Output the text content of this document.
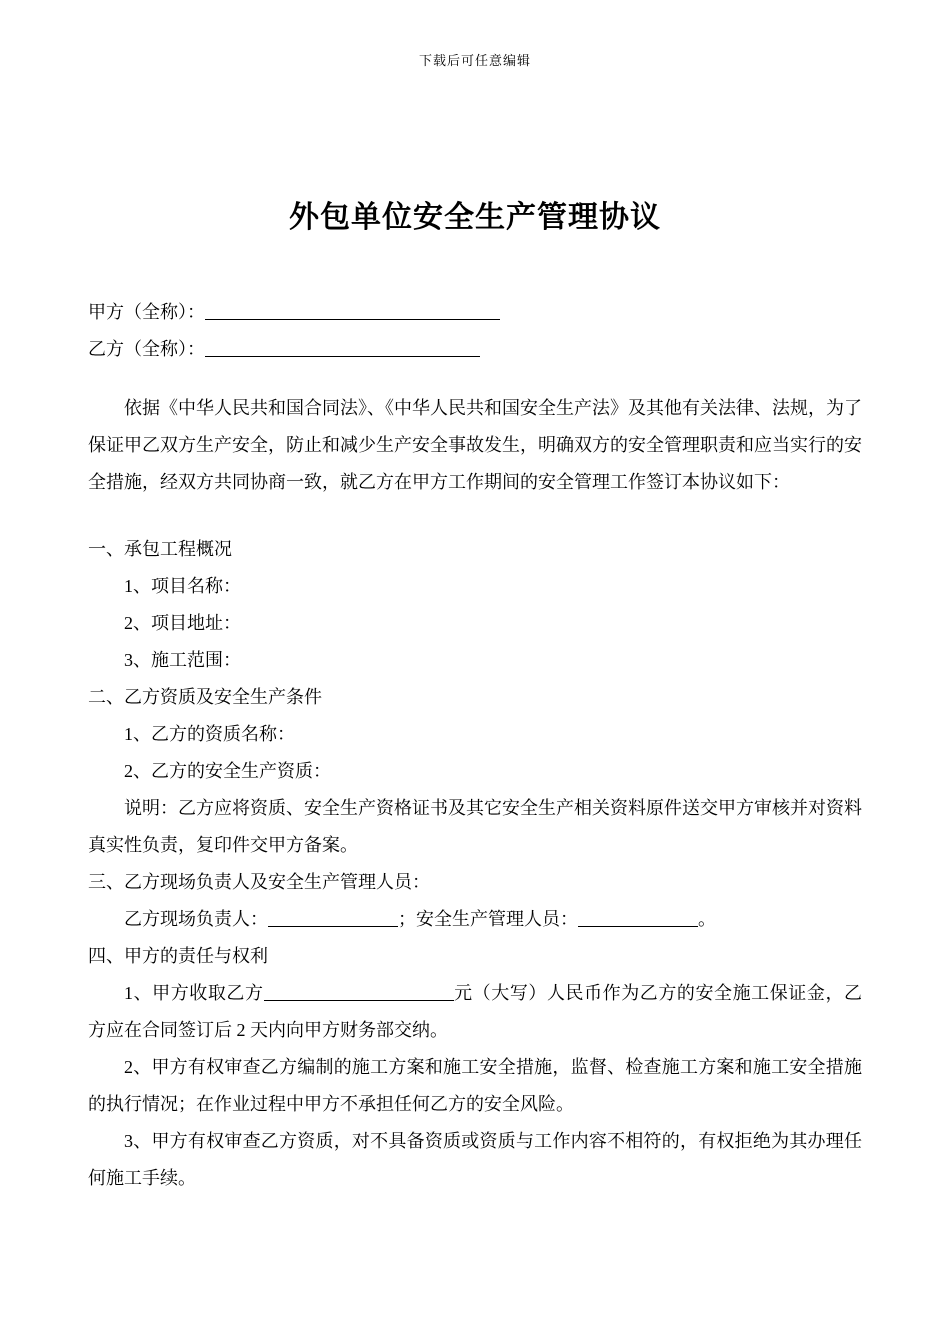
下载后可任意编辑
外包单位安全生产管理协议

甲方（全称）：

乙方（全称）：

依据《中华人民共和国合同法》、《中华人民共和国安全生产法》及其他有关法律、法规，为了保证甲乙双方生产安全，防止和减少生产安全事故发生，明确双方的安全管理职责和应当实行的安全措施，经双方共同协商一致，就乙方在甲方工作期间的安全管理工作签订本协议如下：

一、承包工程概况

1、项目名称：

2、项目地址：

3、施工范围：

二、乙方资质及安全生产条件

1、乙方的资质名称：

2、乙方的安全生产资质：

说明：乙方应将资质、安全生产资格证书及其它安全生产相关资料原件送交甲方审核并对资料真实性负责，复印件交甲方备案。

三、乙方现场负责人及安全生产管理人员：

乙方现场负责人：	；安全生产管理人员：	。

四、甲方的责任与权利

1、甲方收取乙方	元（大写）人民币作为乙方的安全施工保证金，乙方应在合同签订后 2 天内向甲方财务部交纳。

2、甲方有权审查乙方编制的施工方案和施工安全措施，监督、检查施工方案和施工安全措施的执行情况；在作业过程中甲方不承担任何乙方的安全风险。

3、甲方有权审查乙方资质，对不具备资质或资质与工作内容不相符的，有权拒绝为其办理任何施工手续。
